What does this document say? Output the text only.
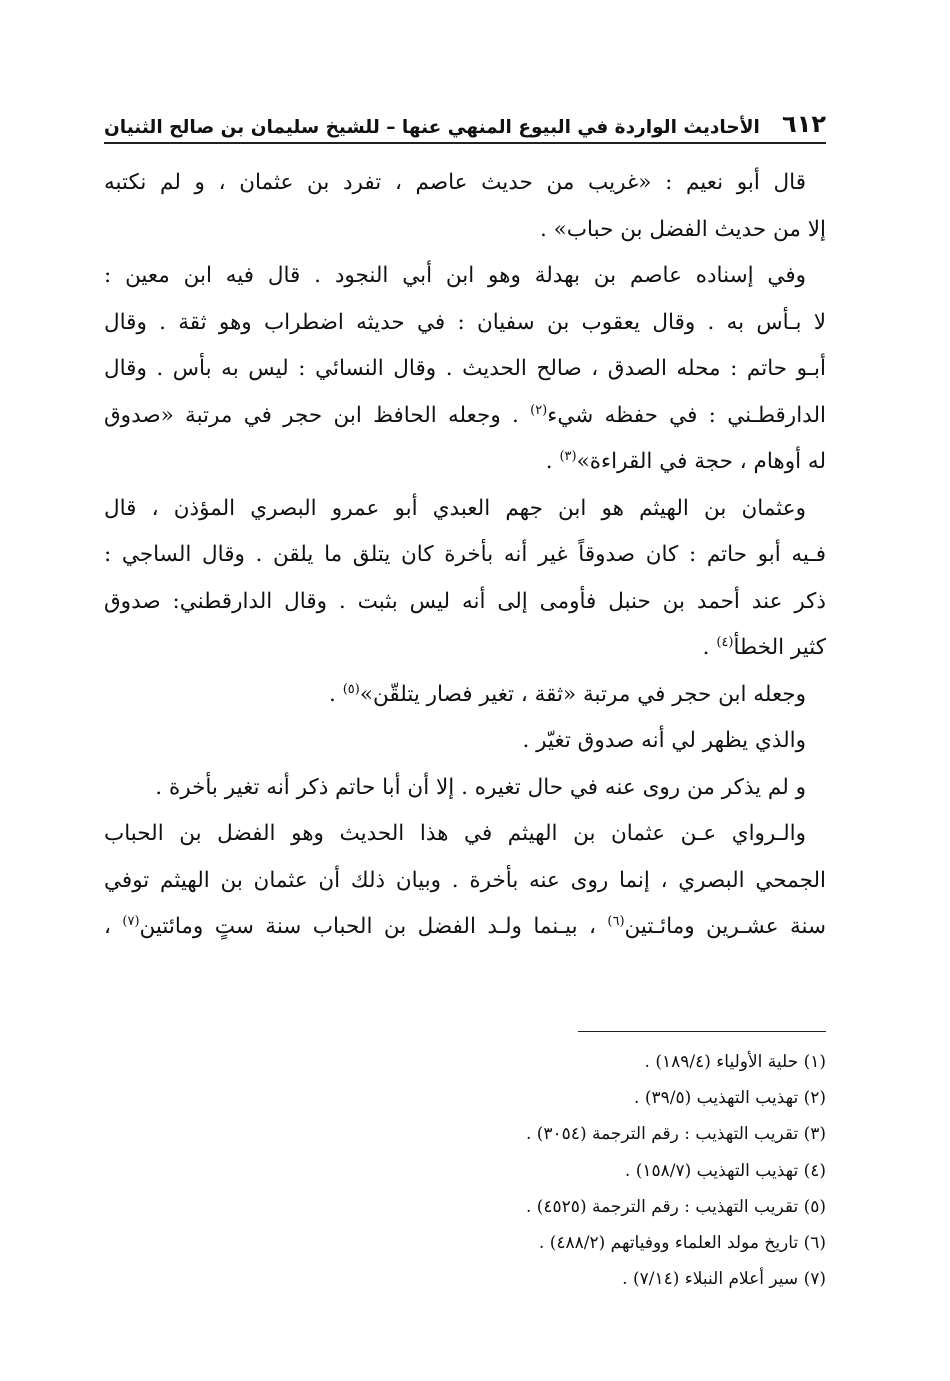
٦١٢
الأحاديث الواردة في البيوع المنهي عنها – للشيخ سليمان بن صالح الثنيان

قال أبو نعيم : «غريب من حديث عاصم ، تفرد بن عثمان ، و لم نكتبه
إلا من حديث الفضل بن حباب» .

وفي إسناده عاصم بن بهدلة وهو ابن أبي النجود . قال فيه ابن معين :
لا بـأس به . وقال يعقوب بن سفيان : في حديثه اضطراب وهو ثقة . وقال
أبـو حاتم : محله الصدق ، صالح الحديث . وقال النسائي : ليس به بأس . وقال
الدارقطـني : في حفظه شيء$^{(٢)}$ . وجعله الحافظ ابن حجر في مرتبة «صدوق
له أوهام ، حجة في القراءة»$^{(٣)}$ .

وعثمان بن الهيثم هو ابن جهم العبدي أبو عمرو البصري المؤذن ، قال
فـيه أبو حاتم : كان صدوقاً غير أنه بأخرة كان يتلق ما يلقن . وقال الساجي :
ذكر عند أحمد بن حنبل فأومى إلى أنه ليس بثبت . وقال الدارقطني: صدوق
كثير الخطأ$^{(٤)}$ .

وجعله ابن حجر في مرتبة «ثقة ، تغير فصار يتلقّن»$^{(٥)}$ .

والذي يظهر لي أنه صدوق تغيّر .

و لم يذكر من روى عنه في حال تغيره . إلا أن أبا حاتم ذكر أنه تغير بأخرة .

والـرواي عـن عثمان بن الهيثم في هذا الحديث وهو الفضل بن الحباب
الجمحي البصري ، إنما روى عنه بأخرة . وبيان ذلك أن عثمان بن الهيثم توفي
سنة عشـرين ومائـتين$^{(٦)}$ ، بيـنما ولـد الفضل بن الحباب سنة ستٍ ومائتين$^{(٧)}$ ،

(١) حلية الأولياء (١٨٩/٤) .
(٢) تهذيب التهذيب (٣٩/٥) .
(٣) تقريب التهذيب : رقم الترجمة (٣٠٥٤) .
(٤) تهذيب التهذيب (١٥٨/٧) .
(٥) تقريب التهذيب : رقم الترجمة (٤٥٢٥) .
(٦) تاريخ مولد العلماء ووفياتهم (٤٨٨/٢) .
(٧) سير أعلام النبلاء (٧/١٤) .
